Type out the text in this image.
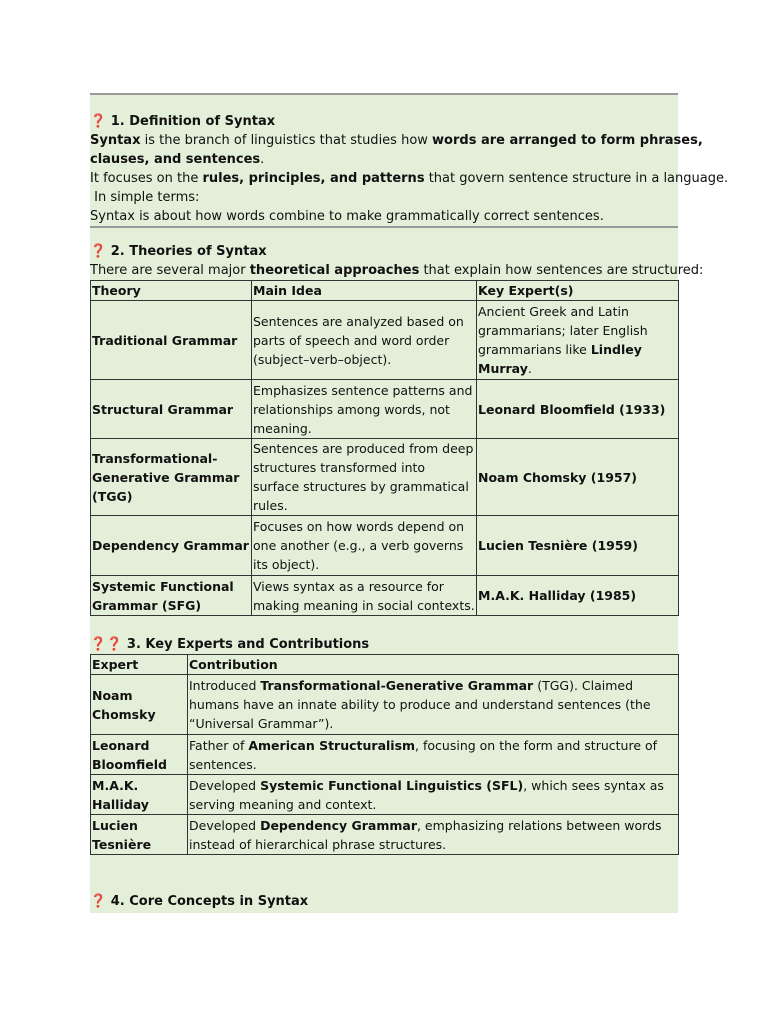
❓ 1. Definition of Syntax
Syntax is the branch of linguistics that studies how words are arranged to form phrases,
clauses, and sentences.
It focuses on the rules, principles, and patterns that govern sentence structure in a language.
In simple terms:
Syntax is about how words combine to make grammatically correct sentences.
❓ 2. Theories of Syntax
There are several major theoretical approaches that explain how sentences are structured:
Theory	Main Idea	Key Expert(s)
Traditional Grammar	Sentences are analyzed based on parts of speech and word order (subject–verb–object).	Ancient Greek and Latin grammarians; later English grammarians like Lindley Murray.
Structural Grammar	Emphasizes sentence patterns and relationships among words, not meaning.	Leonard Bloomfield (1933)
Transformational-Generative Grammar (TGG)	Sentences are produced from deep structures transformed into surface structures by grammatical rules.	Noam Chomsky (1957)
Dependency Grammar	Focuses on how words depend on one another (e.g., a verb governs its object).	Lucien Tesnière (1959)
Systemic Functional Grammar (SFG)	Views syntax as a resource for making meaning in social contexts.	M.A.K. Halliday (1985)
❓❓ 3. Key Experts and Contributions
Expert	Contribution
Noam Chomsky	Introduced Transformational-Generative Grammar (TGG). Claimed humans have an innate ability to produce and understand sentences (the “Universal Grammar”).
Leonard Bloomfield	Father of American Structuralism, focusing on the form and structure of sentences.
M.A.K. Halliday	Developed Systemic Functional Linguistics (SFL), which sees syntax as serving meaning and context.
Lucien Tesnière	Developed Dependency Grammar, emphasizing relations between words instead of hierarchical phrase structures.
❓ 4. Core Concepts in Syntax
